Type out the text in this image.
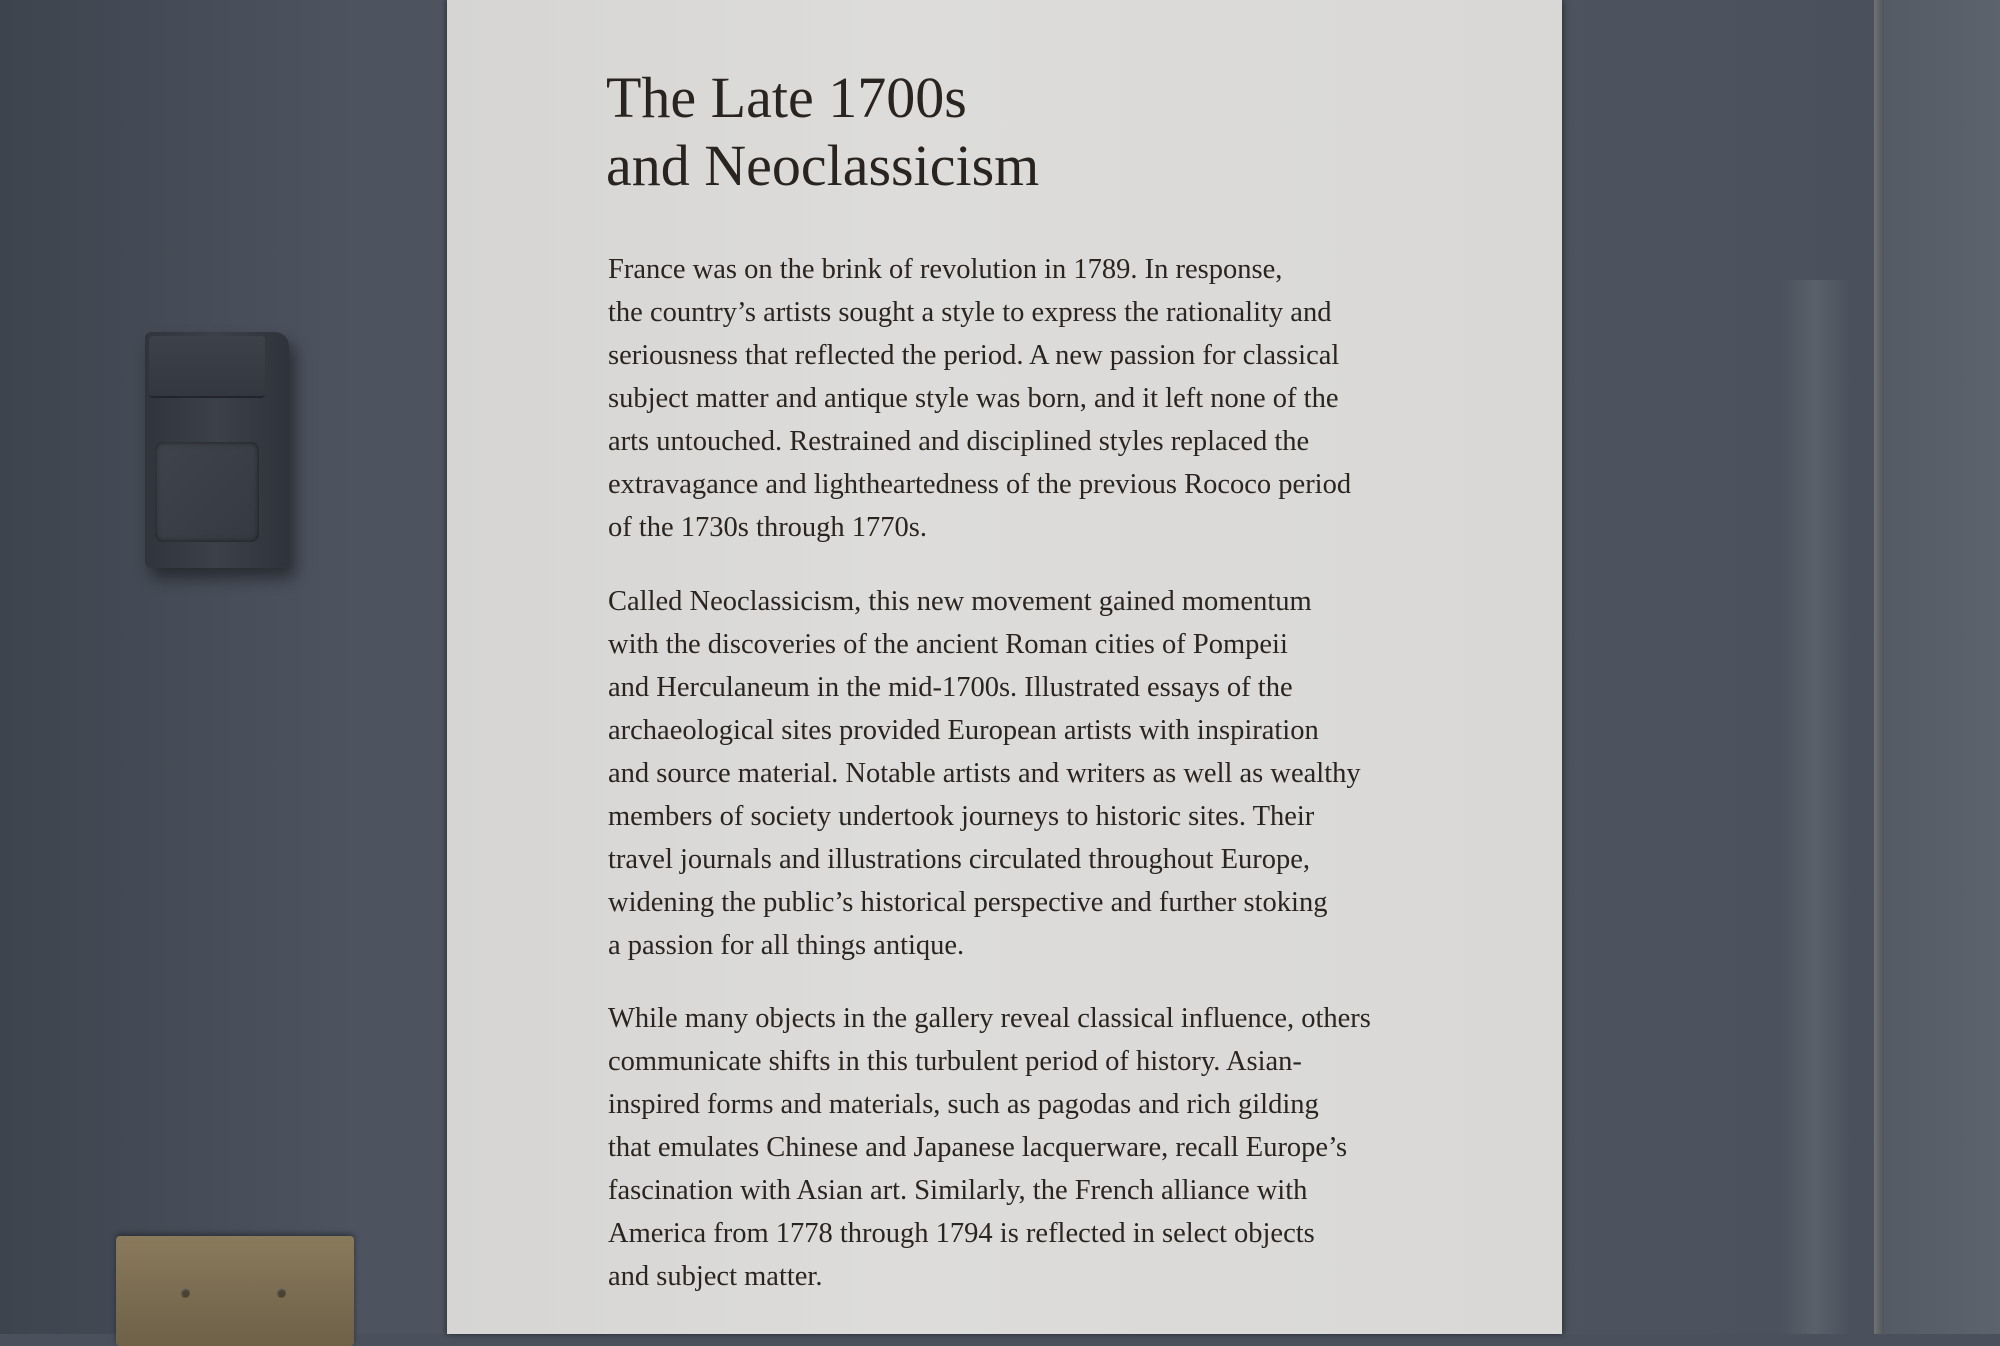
The Late 1700s
and Neoclassicism

France was on the brink of revolution in 1789. In response,
the country’s artists sought a style to express the rationality and
seriousness that reflected the period. A new passion for classical
subject matter and antique style was born, and it left none of the
arts untouched. Restrained and disciplined styles replaced the
extravagance and lightheartedness of the previous Rococo period
of the 1730s through 1770s.

Called Neoclassicism, this new movement gained momentum
with the discoveries of the ancient Roman cities of Pompeii
and Herculaneum in the mid-1700s. Illustrated essays of the
archaeological sites provided European artists with inspiration
and source material. Notable artists and writers as well as wealthy
members of society undertook journeys to historic sites. Their
travel journals and illustrations circulated throughout Europe,
widening the public’s historical perspective and further stoking
a passion for all things antique.

While many objects in the gallery reveal classical influence, others
communicate shifts in this turbulent period of history. Asian-
inspired forms and materials, such as pagodas and rich gilding
that emulates Chinese and Japanese lacquerware, recall Europe’s
fascination with Asian art. Similarly, the French alliance with
America from 1778 through 1794 is reflected in select objects
and subject matter.
